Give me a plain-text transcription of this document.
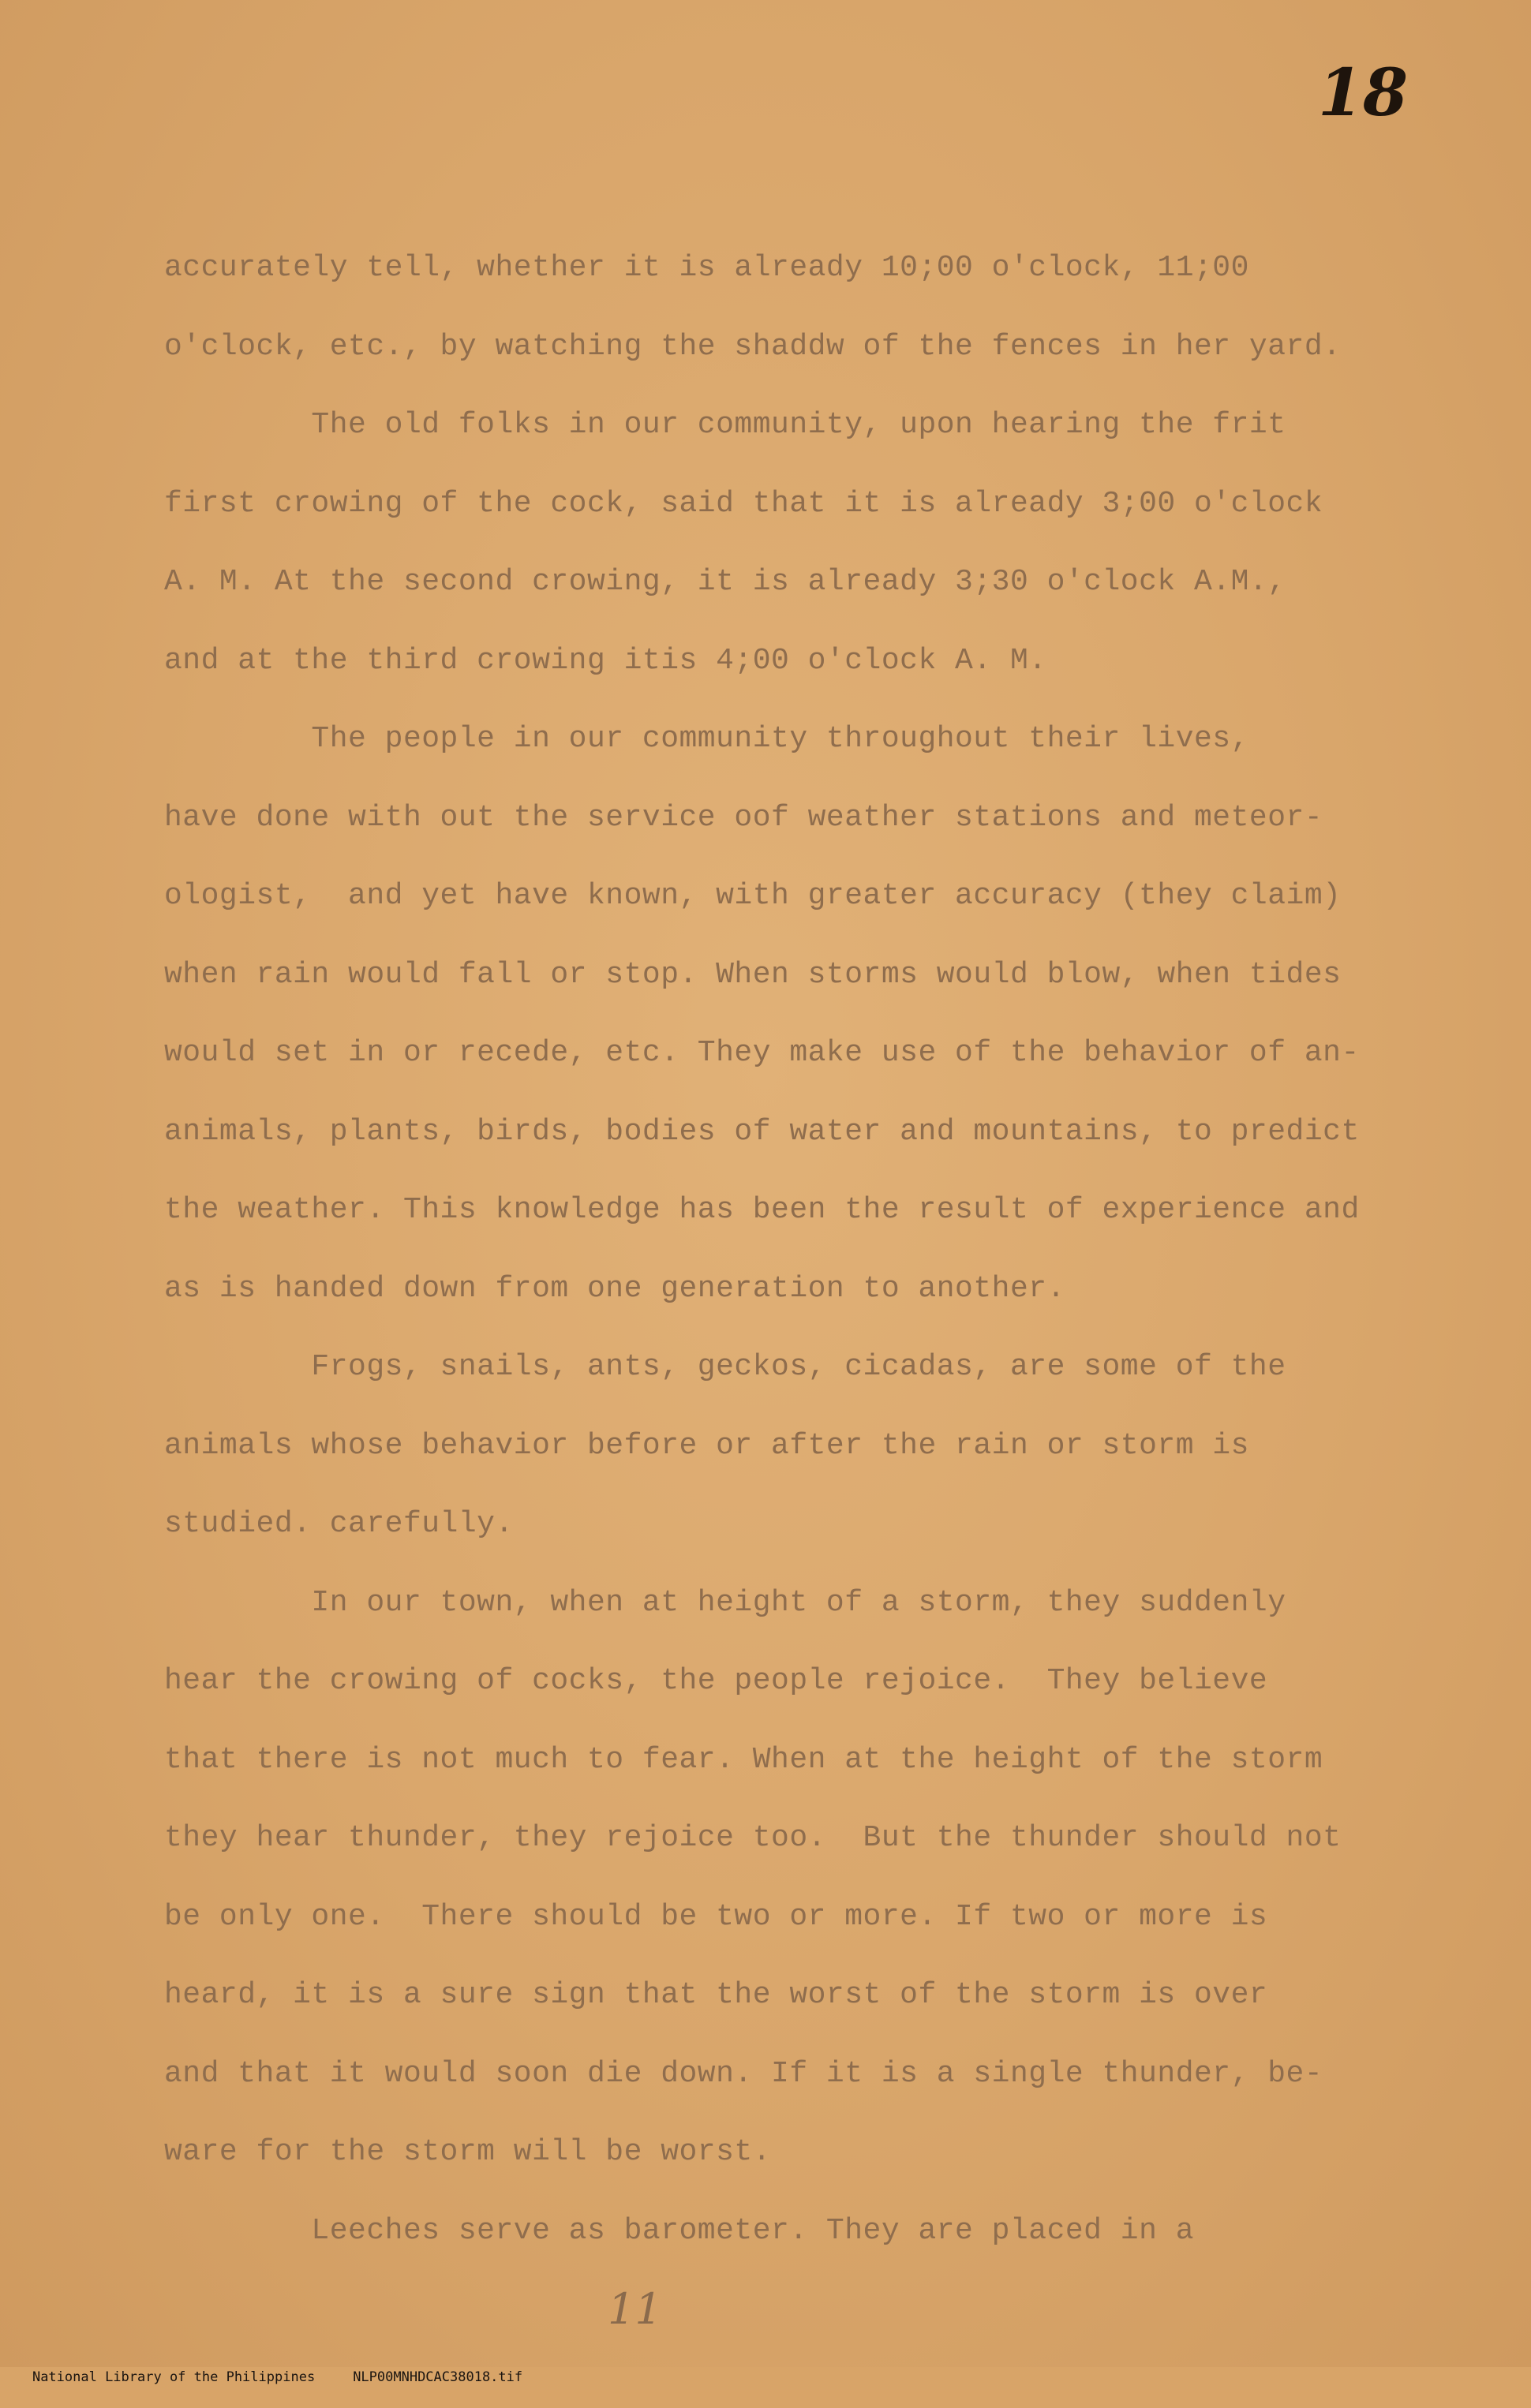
18
accurately tell, whether it is already 10;00 o'clock, 11;00
o'clock, etc., by watching the shaddw of the fences in her yard.
The old folks in our community, upon hearing the frit
first crowing of the cock, said that it is already 3;00 o'clock
A. M. At the second crowing, it is already 3;30 o'clock A.M.,
and at the third crowing itis 4;00 o'clock A. M.
The people in our community throughout their lives,
have done with out the service oof weather stations and meteor-
ologist,  and yet have known, with greater accuracy (they claim)
when rain would fall or stop. When storms would blow, when tides
would set in or recede, etc. They make use of the behavior of an-
animals, plants, birds, bodies of water and mountains, to predict
the weather. This knowledge has been the result of experience and
as is handed down from one generation to another.
Frogs, snails, ants, geckos, cicadas, are some of the
animals whose behavior before or after the rain or storm is
studied. carefully.
In our town, when at height of a storm, they suddenly
hear the crowing of cocks, the people rejoice.  They believe
that there is not much to fear. When at the height of the storm
they hear thunder, they rejoice too.  But the thunder should not
be only one.  There should be two or more. If two or more is
heard, it is a sure sign that the worst of the storm is over
and that it would soon die down. If it is a single thunder, be-
ware for the storm will be worst.
Leeches serve as barometer. They are placed in a
11

National Library of the Philippines	NLP00MNHDCAC38018.tif
